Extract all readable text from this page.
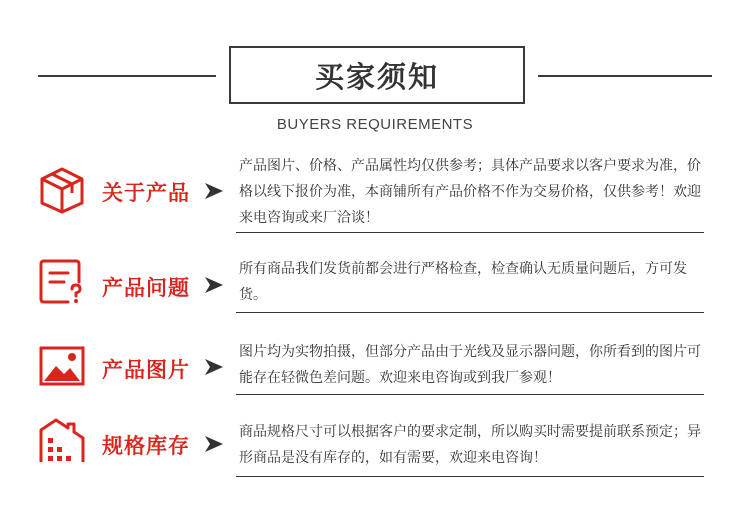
买家须知
BUYERS REQUIREMENTS
关于产品
产品图片、价格、产品属性均仅供参考；具体产品要求以客户要求为准，价格以线下报价为准，本商铺所有产品价格不作为交易价格，仅供参考！欢迎来电咨询或来厂洽谈！
产品问题
所有商品我们发货前都会进行严格检查，检查确认无质量问题后，方可发货。
产品图片
图片均为实物拍摄，但部分产品由于光线及显示器问题，你所看到的图片可能存在轻微色差问题。欢迎来电咨询或到我厂参观！
规格库存
商品规格尺寸可以根据客户的要求定制，所以购买时需要提前联系预定；异形商品是没有库存的，如有需要，欢迎来电咨询！
